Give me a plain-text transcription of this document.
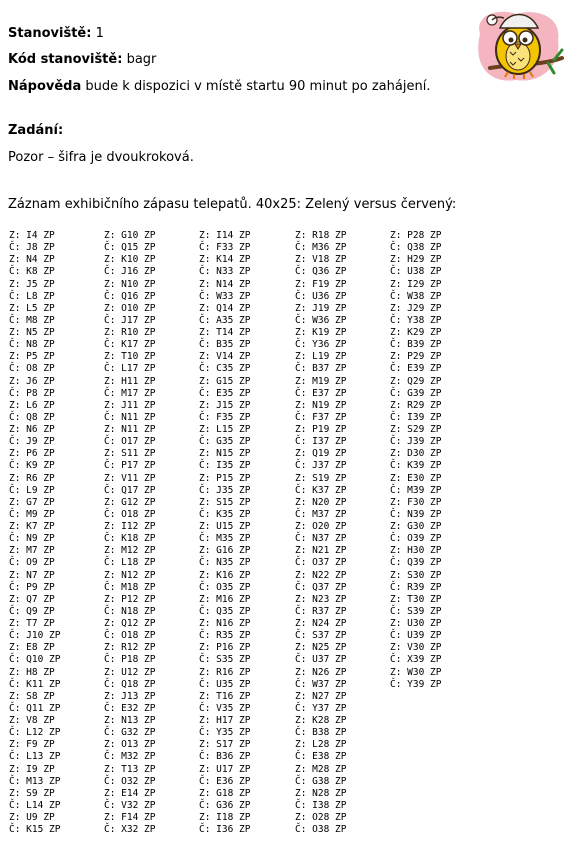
Stanoviště: 1
Kód stanoviště: bagr
Nápověda bude k dispozici v místě startu 90 minut po zahájení.
Zadání:
Pozor – šifra je dvoukroková.
Záznam exhibičního zápasu telepatů. 40x25: Zelený versus červený:
Z: I4 ZP
Č: J8 ZP
Z: N4 ZP
Č: K8 ZP
Z: J5 ZP
Č: L8 ZP
Z: L5 ZP
Č: M8 ZP
Z: N5 ZP
Č: N8 ZP
Z: P5 ZP
Č: O8 ZP
Z: J6 ZP
Č: P8 ZP
Z: L6 ZP
Č: Q8 ZP
Z: N6 ZP
Č: J9 ZP
Z: P6 ZP
Č: K9 ZP
Z: R6 ZP
Č: L9 ZP
Z: G7 ZP
Č: M9 ZP
Z: K7 ZP
Č: N9 ZP
Z: M7 ZP
Č: O9 ZP
Z: N7 ZP
Č: P9 ZP
Z: Q7 ZP
Č: Q9 ZP
Z: T7 ZP
Č: J10 ZP
Z: E8 ZP
Č: Q10 ZP
Z: H8 ZP
Č: K11 ZP
Z: S8 ZP
Č: Q11 ZP
Z: V8 ZP
Č: L12 ZP
Z: F9 ZP
Č: L13 ZP
Z: I9 ZP
Č: M13 ZP
Z: S9 ZP
Č: L14 ZP
Z: U9 ZP
Č: K15 ZP
Z: G10 ZP
Č: Q15 ZP
Z: K10 ZP
Č: J16 ZP
Z: N10 ZP
Č: Q16 ZP
Z: O10 ZP
Č: J17 ZP
Z: R10 ZP
Č: K17 ZP
Z: T10 ZP
Č: L17 ZP
Z: H11 ZP
Č: M17 ZP
Z: J11 ZP
Č: N11 ZP
Z: N11 ZP
Č: O17 ZP
Z: S11 ZP
Č: P17 ZP
Z: V11 ZP
Č: Q17 ZP
Z: G12 ZP
Č: O18 ZP
Z: I12 ZP
Č: K18 ZP
Z: M12 ZP
Č: L18 ZP
Z: N12 ZP
Č: M18 ZP
Z: P12 ZP
Č: N18 ZP
Z: Q12 ZP
Č: O18 ZP
Z: R12 ZP
Č: P18 ZP
Z: U12 ZP
Č: Q18 ZP
Z: J13 ZP
Č: E32 ZP
Z: N13 ZP
Č: G32 ZP
Z: O13 ZP
Č: M32 ZP
Z: T13 ZP
Č: O32 ZP
Z: E14 ZP
Č: V32 ZP
Z: F14 ZP
Č: X32 ZP
Z: I14 ZP
Č: F33 ZP
Z: K14 ZP
Č: N33 ZP
Z: N14 ZP
Č: W33 ZP
Z: Q14 ZP
Č: A35 ZP
Z: T14 ZP
Č: B35 ZP
Z: V14 ZP
Č: C35 ZP
Z: G15 ZP
Č: E35 ZP
Z: J15 ZP
Č: F35 ZP
Z: L15 ZP
Č: G35 ZP
Z: N15 ZP
Č: I35 ZP
Z: P15 ZP
Č: J35 ZP
Z: S15 ZP
Č: K35 ZP
Z: U15 ZP
Č: M35 ZP
Z: G16 ZP
Č: N35 ZP
Z: K16 ZP
Č: O35 ZP
Z: M16 ZP
Č: Q35 ZP
Z: N16 ZP
Č: R35 ZP
Z: P16 ZP
Č: S35 ZP
Z: R16 ZP
Č: U35 ZP
Z: T16 ZP
Č: V35 ZP
Z: H17 ZP
Č: Y35 ZP
Z: S17 ZP
Č: B36 ZP
Z: U17 ZP
Č: E36 ZP
Z: G18 ZP
Č: G36 ZP
Z: I18 ZP
Č: I36 ZP
Z: R18 ZP
Č: M36 ZP
Z: V18 ZP
Č: Q36 ZP
Z: F19 ZP
Č: U36 ZP
Z: J19 ZP
Č: W36 ZP
Z: K19 ZP
Č: Y36 ZP
Z: L19 ZP
Č: B37 ZP
Z: M19 ZP
Č: E37 ZP
Z: N19 ZP
Č: F37 ZP
Z: P19 ZP
Č: I37 ZP
Z: Q19 ZP
Č: J37 ZP
Z: S19 ZP
Č: K37 ZP
Z: N20 ZP
Č: M37 ZP
Z: O20 ZP
Č: N37 ZP
Z: N21 ZP
Č: O37 ZP
Z: N22 ZP
Č: Q37 ZP
Z: N23 ZP
Č: R37 ZP
Z: N24 ZP
Č: S37 ZP
Z: N25 ZP
Č: U37 ZP
Z: N26 ZP
Č: W37 ZP
Z: N27 ZP
Č: Y37 ZP
Z: K28 ZP
Č: B38 ZP
Z: L28 ZP
Č: E38 ZP
Z: M28 ZP
Č: G38 ZP
Z: N28 ZP
Č: I38 ZP
Z: O28 ZP
Č: O38 ZP
Z: P28 ZP
Č: Q38 ZP
Z: H29 ZP
Č: U38 ZP
Z: I29 ZP
Č: W38 ZP
Z: J29 ZP
Č: Y38 ZP
Z: K29 ZP
Č: B39 ZP
Z: P29 ZP
Č: E39 ZP
Z: Q29 ZP
Č: G39 ZP
Z: R29 ZP
Č: I39 ZP
Z: S29 ZP
Č: J39 ZP
Z: D30 ZP
Č: K39 ZP
Z: E30 ZP
Č: M39 ZP
Z: F30 ZP
Č: N39 ZP
Z: G30 ZP
Č: O39 ZP
Z: H30 ZP
Č: Q39 ZP
Z: S30 ZP
Č: R39 ZP
Z: T30 ZP
Č: S39 ZP
Z: U30 ZP
Č: U39 ZP
Z: V30 ZP
Č: X39 ZP
Z: W30 ZP
Č: Y39 ZP
